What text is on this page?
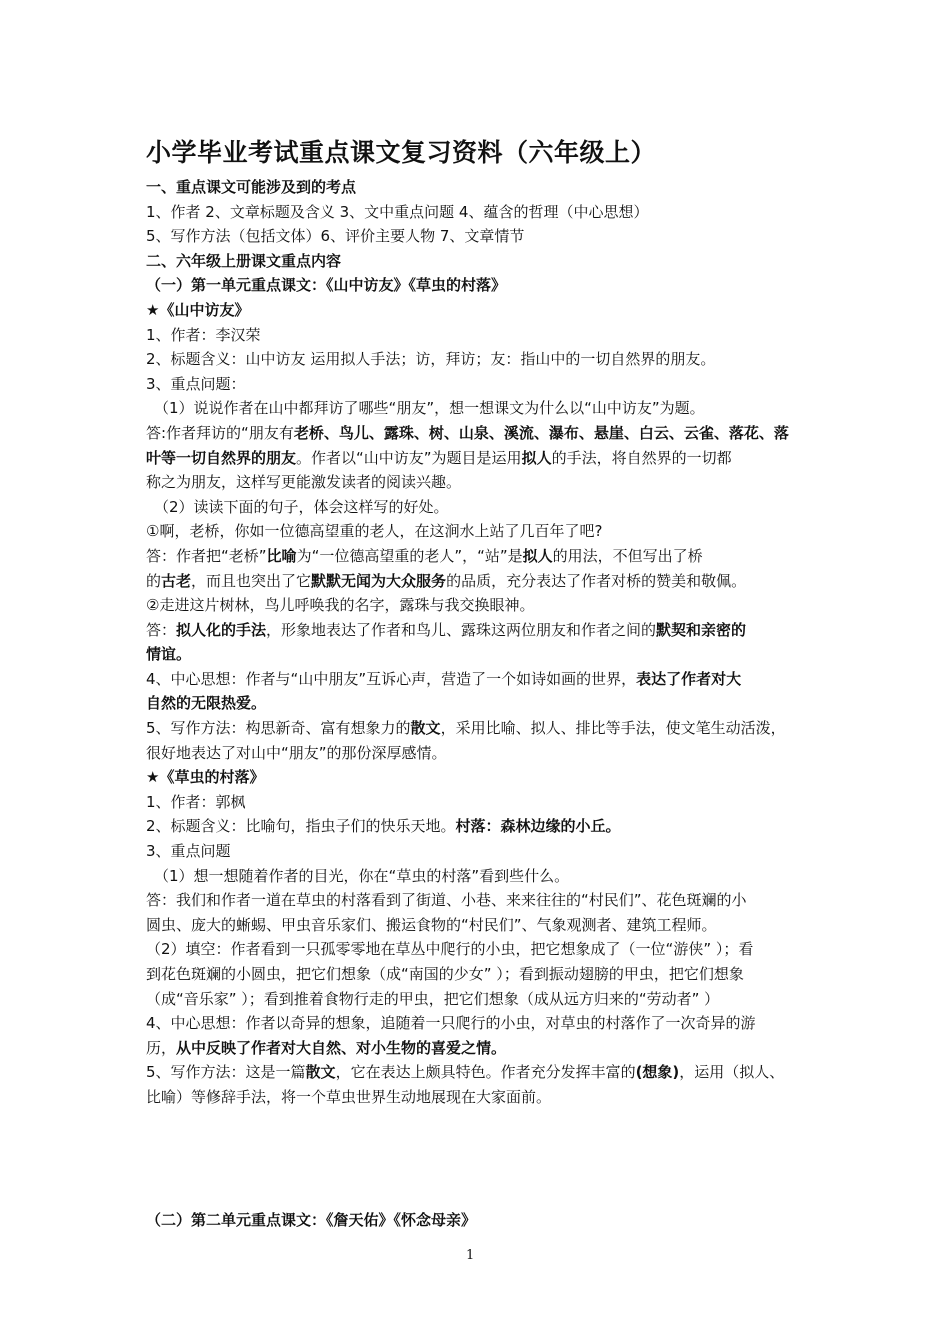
小学毕业考试重点课文复习资料（六年级上）
一、重点课文可能涉及到的考点
1、作者 2、文章标题及含义 3、文中重点问题 4、蕴含的哲理（中心思想）
5、写作方法（包括文体）6、评价主要人物 7、文章情节
二、六年级上册课文重点内容
（一）第一单元重点课文：《山中访友》《草虫的村落》
★《山中访友》
1、作者：李汉荣
2、标题含义：山中访友 运用拟人手法；访，拜访；友：指山中的一切自然界的朋友。
3、重点问题：
（1）说说作者在山中都拜访了哪些“朋友”，想一想课文为什么以“山中访友”为题。
答:作者拜访的“朋友有老桥、鸟儿、露珠、树、山泉、溪流、瀑布、悬崖、白云、云雀、落花、落
叶等一切自然界的朋友。作者以“山中访友”为题目是运用拟人的手法，将自然界的一切都
称之为朋友，这样写更能激发读者的阅读兴趣。
（2）读读下面的句子，体会这样写的好处。
①啊，老桥，你如一位德高望重的老人，在这涧水上站了几百年了吧?
答：作者把“老桥”比喻为“一位德高望重的老人”，“站”是拟人的用法，不但写出了桥
的古老，而且也突出了它默默无闻为大众服务的品质，充分表达了作者对桥的赞美和敬佩。
②走进这片树林，鸟儿呼唤我的名字，露珠与我交换眼神。
答：拟人化的手法，形象地表达了作者和鸟儿、露珠这两位朋友和作者之间的默契和亲密的
情谊。
4、中心思想：作者与“山中朋友”互诉心声，营造了一个如诗如画的世界，表达了作者对大
自然的无限热爱。
5、写作方法：构思新奇、富有想象力的散文，采用比喻、拟人、排比等手法，使文笔生动活泼，
很好地表达了对山中“朋友”的那份深厚感情。
★《草虫的村落》
1、作者：郭枫
2、标题含义：比喻句，指虫子们的快乐天地。村落：森林边缘的小丘。
3、重点问题
（1）想一想随着作者的目光，你在“草虫的村落”看到些什么。
答：我们和作者一道在草虫的村落看到了街道、小巷、来来往往的“村民们”、花色斑斓的小
圆虫、庞大的蜥蜴、甲虫音乐家们、搬运食物的“村民们”、气象观测者、建筑工程师。
（2）填空：作者看到一只孤零零地在草丛中爬行的小虫，把它想象成了（一位“游侠” ）；看
到花色斑斓的小圆虫，把它们想象（成“南国的少女” ）；看到振动翅膀的甲虫，把它们想象
（成“音乐家” ）；看到推着食物行走的甲虫，把它们想象（成从远方归来的“劳动者” ）
4、中心思想：作者以奇异的想象，追随着一只爬行的小虫，对草虫的村落作了一次奇异的游
历，从中反映了作者对大自然、对小生物的喜爱之情。
5、写作方法：这是一篇散文，它在表达上颇具特色。作者充分发挥丰富的(想象)，运用（拟人、
比喻）等修辞手法，将一个草虫世界生动地展现在大家面前。
（二）第二单元重点课文：《詹天佑》《怀念母亲》
1
